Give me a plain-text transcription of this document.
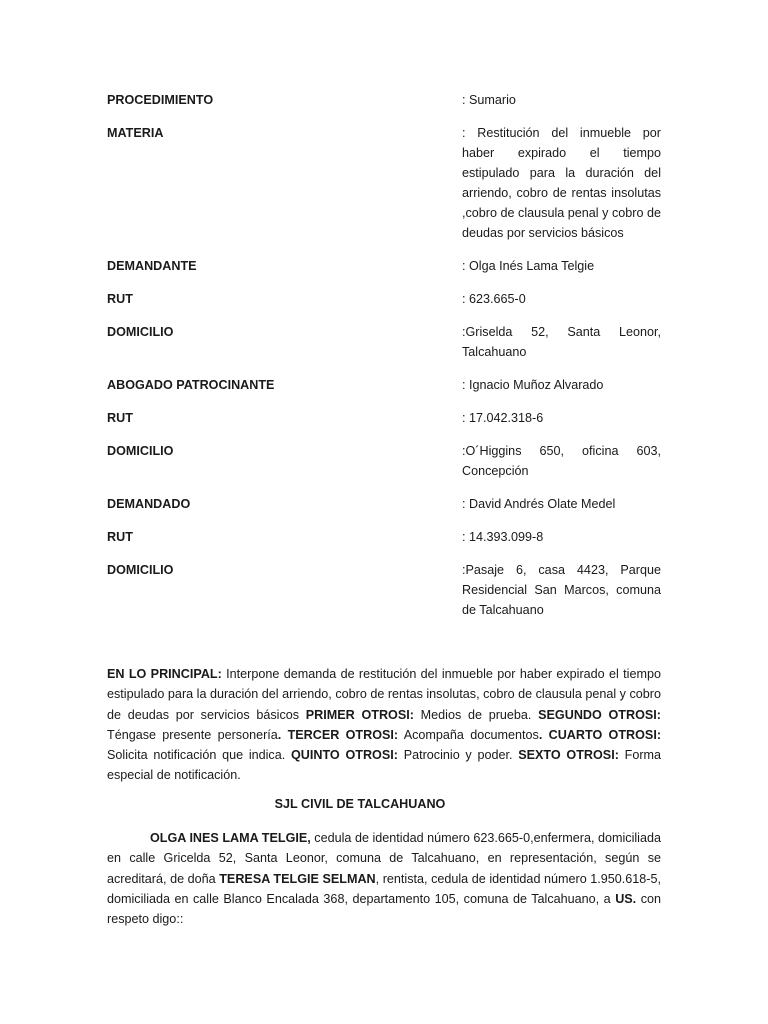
PROCEDIMIENTO	: Sumario
MATERIA	: Restitución del inmueble por haber expirado el tiempo estipulado para la duración del arriendo, cobro de rentas insolutas ,cobro de clausula penal y cobro de deudas por servicios básicos
DEMANDANTE	: Olga Inés Lama Telgie
RUT	: 623.665-0
DOMICILIO	:Griselda 52, Santa Leonor, Talcahuano
ABOGADO PATROCINANTE	: Ignacio Muñoz Alvarado
RUT	: 17.042.318-6
DOMICILIO	:O´Higgins 650, oficina 603, Concepción
DEMANDADO	: David Andrés Olate Medel
RUT	: 14.393.099-8
DOMICILIO	:Pasaje 6, casa 4423, Parque Residencial San Marcos, comuna de Talcahuano
EN LO PRINCIPAL: Interpone demanda de restitución del inmueble por haber expirado el tiempo estipulado para la duración del arriendo, cobro de rentas insolutas, cobro de clausula penal y cobro de deudas por servicios básicos PRIMER OTROSI: Medios de prueba. SEGUNDO OTROSI: Téngase presente personería. TERCER OTROSI: Acompaña documentos. CUARTO OTROSI: Solicita notificación que indica. QUINTO OTROSI: Patrocinio y poder. SEXTO OTROSI: Forma especial de notificación.
SJL CIVIL DE TALCAHUANO
OLGA INES LAMA TELGIE, cedula de identidad número 623.665-0,enfermera, domiciliada en calle Gricelda 52, Santa Leonor, comuna de Talcahuano, en representación, según se acreditará, de doña TERESA TELGIE SELMAN, rentista, cedula de identidad número 1.950.618-5, domiciliada en calle Blanco Encalada 368, departamento 105, comuna de Talcahuano, a US. con respeto digo::
